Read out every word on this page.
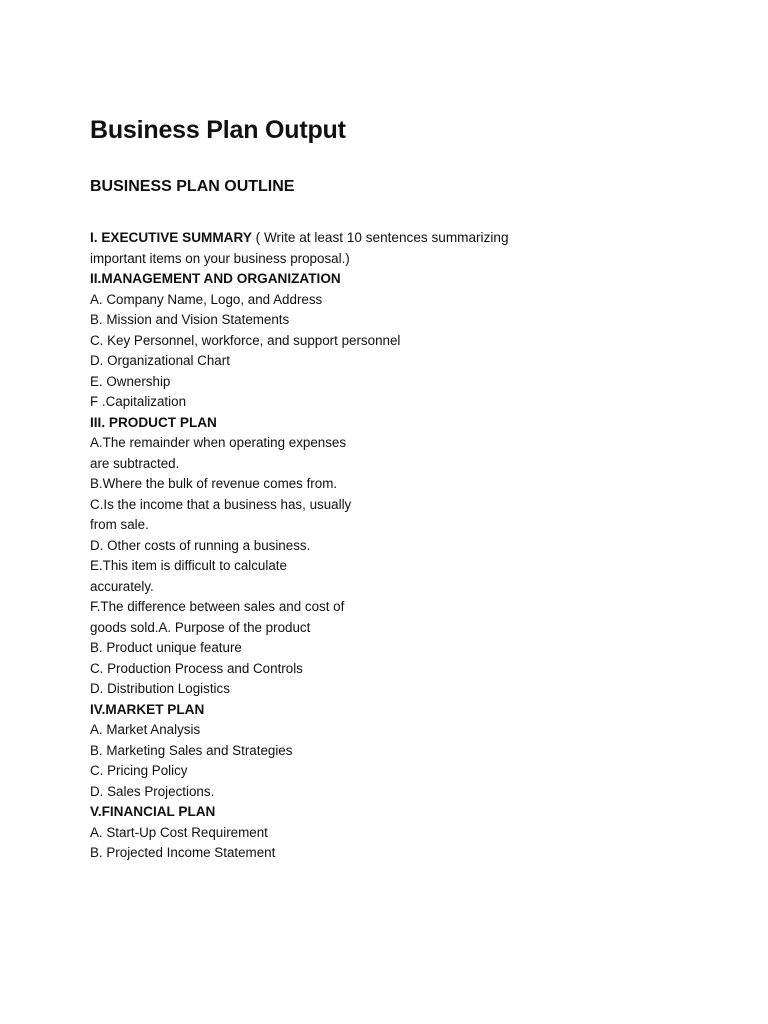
Business Plan Output
BUSINESS PLAN OUTLINE
I. EXECUTIVE SUMMARY ( Write at least 10 sentences summarizing
important items on your business proposal.)
II.MANAGEMENT AND ORGANIZATION
A. Company Name, Logo, and Address
B. Mission and Vision Statements
C. Key Personnel, workforce, and support personnel
D. Organizational Chart
E. Ownership
F .Capitalization
III. PRODUCT PLAN
A.The remainder when operating expenses
are subtracted.
B.Where the bulk of revenue comes from.
C.Is the income that a business has, usually
from sale.
D. Other costs of running a business.
E.This item is difficult to calculate
accurately.
F.The difference between sales and cost of
goods sold.A. Purpose of the product
B. Product unique feature
C. Production Process and Controls
D. Distribution Logistics
IV.MARKET PLAN
A. Market Analysis
B. Marketing Sales and Strategies
C. Pricing Policy
D. Sales Projections.
V.FINANCIAL PLAN
A. Start-Up Cost Requirement
B. Projected Income Statement
